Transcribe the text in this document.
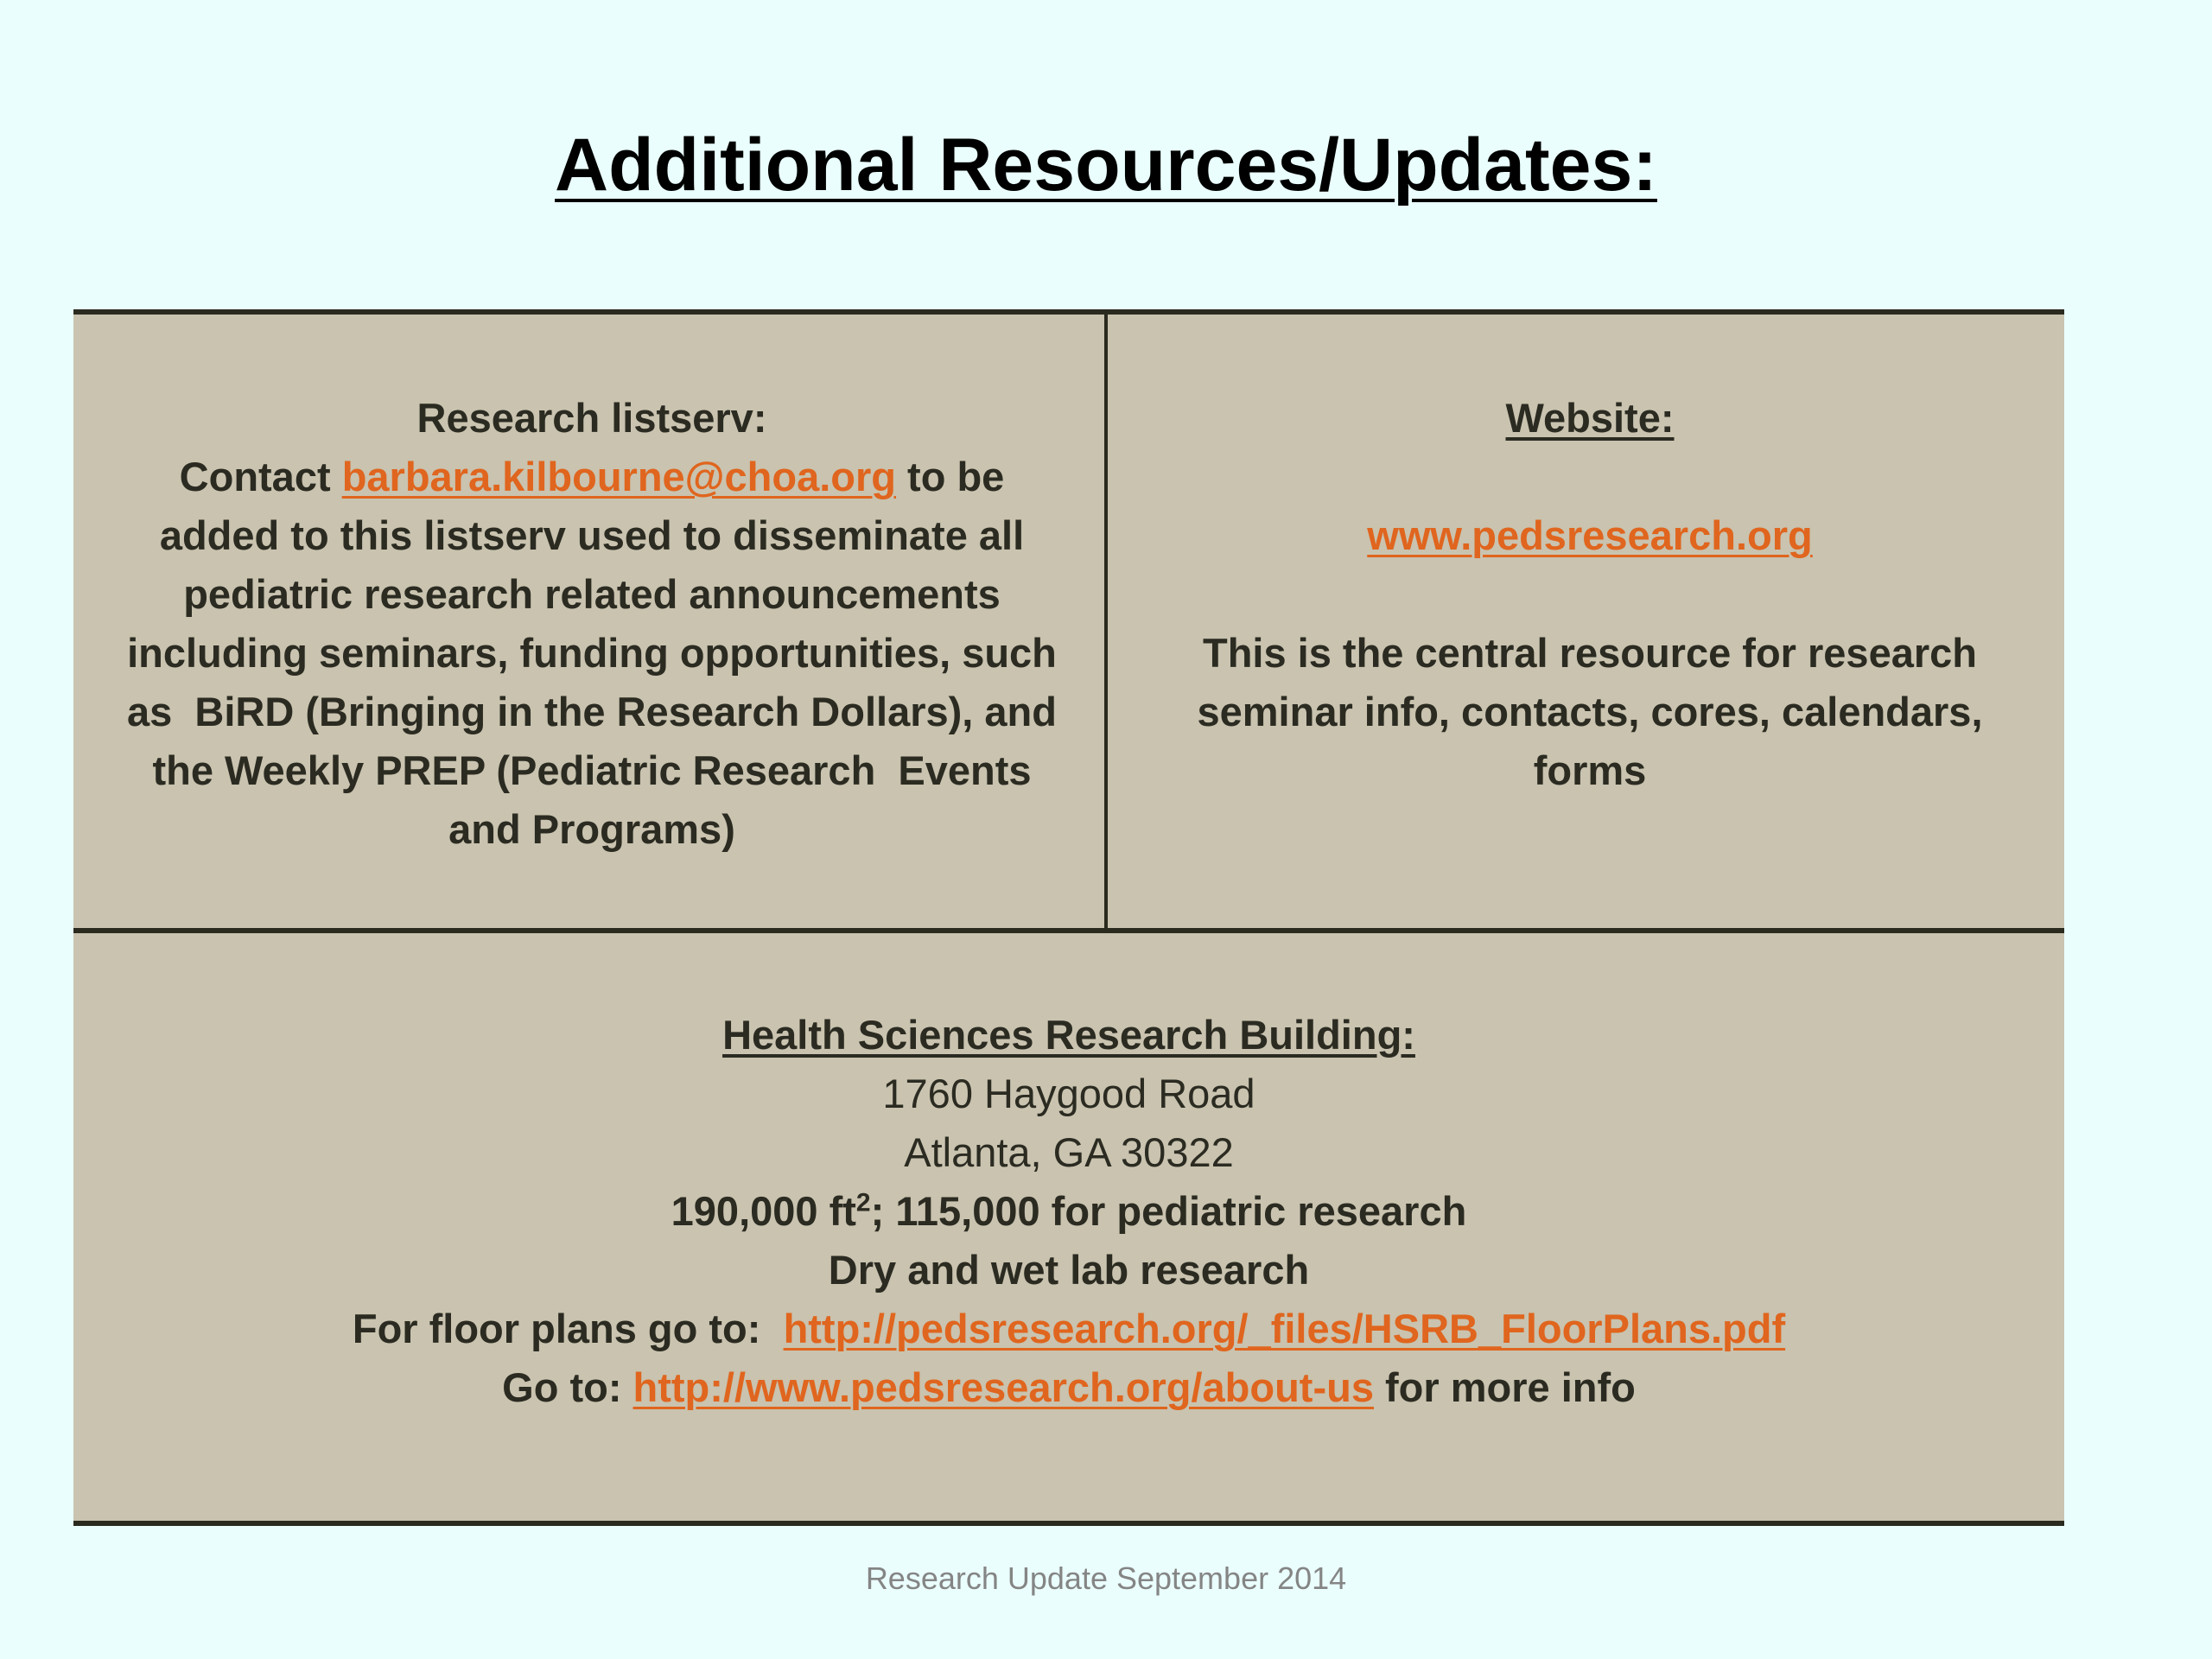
Additional Resources/Updates:
Research listserv:
Contact barbara.kilbourne@choa.org to be
added to this listserv used to disseminate all
pediatric research related announcements
including seminars, funding opportunities, such
as  BiRD (Bringing in the Research Dollars), and
the Weekly PREP (Pediatric Research  Events
and Programs)
Website:
www.pedsresearch.org
This is the central resource for research
seminar info, contacts, cores, calendars,
forms
Health Sciences Research Building:
1760 Haygood Road
Atlanta, GA 30322
190,000 $ft^2$; 115,000 for pediatric research
Dry and wet lab research
For floor plans go to: http://pedsresearch.org/_files/HSRB_FloorPlans.pdf
Go to: http://www.pedsresearch.org/about-us for more info
Research Update September 2014
